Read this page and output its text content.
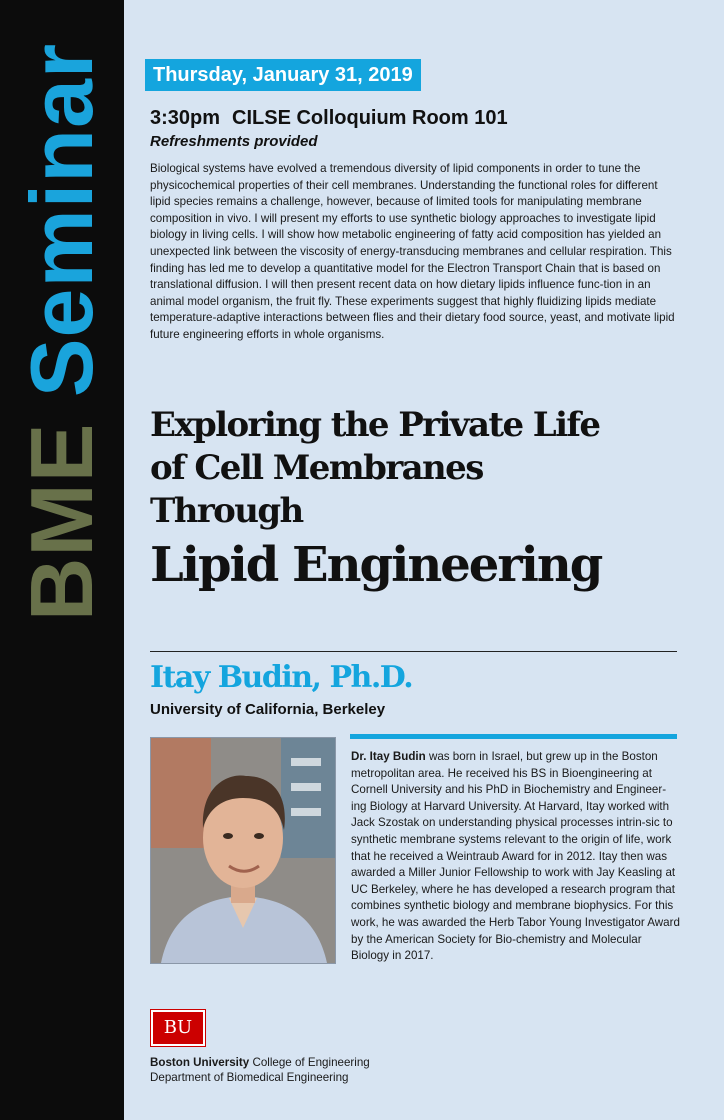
BME Seminar	Thursday, January 31, 2019
3:30pm CILSE Colloquium Room 101
Refreshments provided

Biological systems have evolved a tremendous diversity of lipid components in order to tune the physicochemical properties of their cell membranes. Understanding the functional roles for different lipid species remains a challenge, however, because of limited tools for manipulating membrane composition in vivo. I will present my efforts to use synthetic biology approaches to investigate lipid biology in living cells. I will show how metabolic engineering of fatty acid composition has yielded an unexpected link between the viscosity of energy-transducing membranes and cellular respiration. This finding has led me to develop a quantitative model for the Electron Transport Chain that is based on translational diffusion. I will then present recent data on how dietary lipids influence func-tion in an animal model organism, the fruit fly. These experiments suggest that highly fluidizing lipids mediate temperature-adaptive interactions between flies and their dietary food source, yeast, and motivate lipid future engineering efforts in whole organisms.

Exploring the Private Life
of Cell Membranes
Through
Lipid Engineering
Itay Budin, Ph.D.
University of California, Berkeley

Dr. Itay Budin was born in Israel, but grew up in the Boston metropolitan area. He received his BS in Bioengineering at Cornell University and his PhD in Biochemistry and Engineer-ing Biology at Harvard University. At Harvard, Itay worked with Jack Szostak on understanding physical processes intrin-sic to synthetic membrane systems relevant to the origin of life, work that he received a Weintraub Award for in 2012. Itay then was awarded a Miller Junior Fellowship to work with Jay Keasling at UC Berkeley, where he has developed a research program that combines synthetic biology and membrane biophysics. For this work, he was awarded the Herb Tabor Young Investigator Award by the American Society for Bio-chemistry and Molecular Biology in 2017.

BU
Boston University College of Engineering
Department of Biomedical Engineering
